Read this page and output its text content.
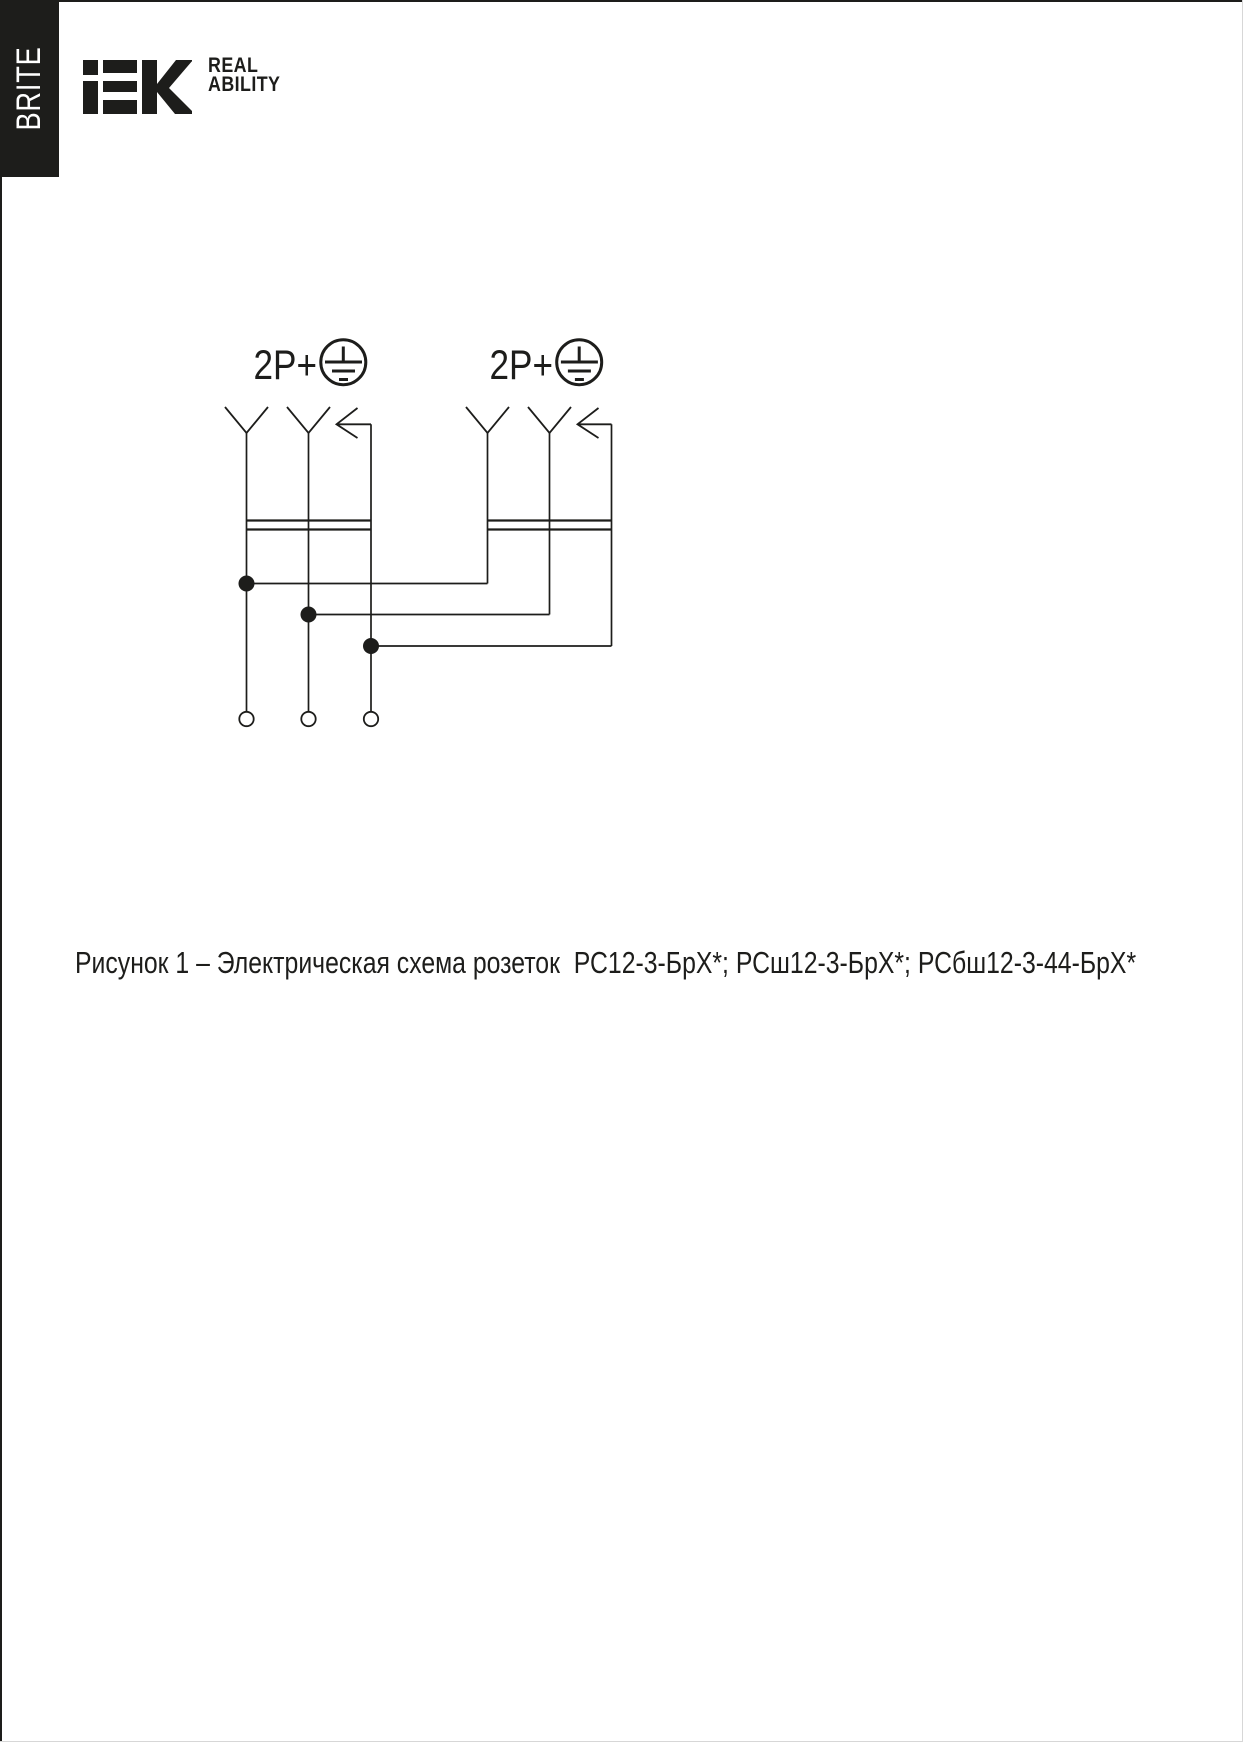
BRITE	REAL
ABILITY
2P+	2P+
Рисунок 1 – Электрическая схема розеток  РС12-3-БрХ*; РСш12-3-БрХ*; РСбш12-3-44-БрХ*
